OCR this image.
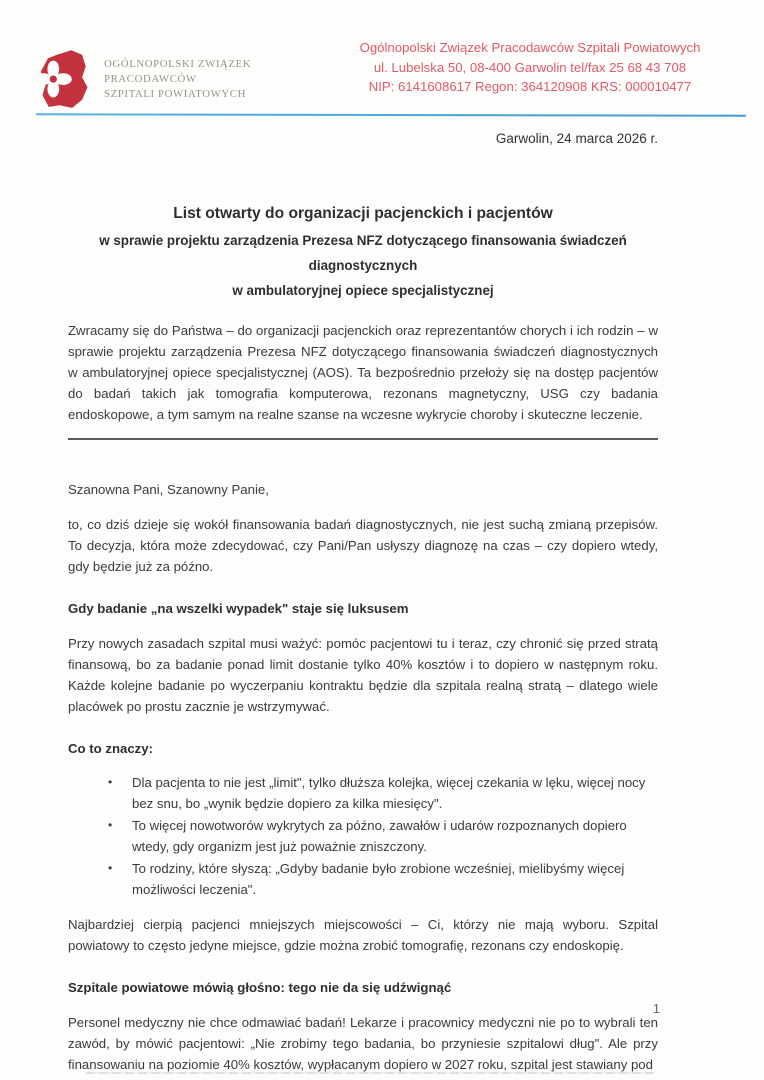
OGÓLNOPOLSKI ZWIĄZEK
PRACODAWCÓW
SZPITALI POWIATOWYCH
Ogólnopolski Związek Pracodawców Szpitali Powiatowych
ul. Lubelska 50, 08-400 Garwolin tel/fax 25 68 43 708
NIP: 6141608617 Regon: 364120908 KRS: 000010477
Garwolin, 24 marca 2026 r.

List otwarty do organizacji pacjenckich i pacjentów

w sprawie projektu zarządzenia Prezesa NFZ dotyczącego finansowania świadczeń diagnostycznych
w ambulatoryjnej opiece specjalistycznej

Zwracamy się do Państwa – do organizacji pacjenckich oraz reprezentantów chorych i ich rodzin – w sprawie projektu zarządzenia Prezesa NFZ dotyczącego finansowania świadczeń diagnostycznych w ambulatoryjnej opiece specjalistycznej (AOS). Ta bezpośrednio przełoży się na dostęp pacjentów do badań takich jak tomografia komputerowa, rezonans magnetyczny, USG czy badania endoskopowe, a tym samym na realne szanse na wczesne wykrycie choroby i skuteczne leczenie.

Szanowna Pani, Szanowny Panie,

to, co dziś dzieje się wokół finansowania badań diagnostycznych, nie jest suchą zmianą przepisów. To decyzja, która może zdecydować, czy Pani/Pan usłyszy diagnozę na czas – czy dopiero wtedy, gdy będzie już za późno.

Gdy badanie „na wszelki wypadek" staje się luksusem

Przy nowych zasadach szpital musi ważyć: pomóc pacjentowi tu i teraz, czy chronić się przed stratą finansową, bo za badanie ponad limit dostanie tylko 40% kosztów i to dopiero w następnym roku. Każde kolejne badanie po wyczerpaniu kontraktu będzie dla szpitala realną stratą – dlatego wiele placówek po prostu zacznie je wstrzymywać.

Co to znaczy:

• Dla pacjenta to nie jest „limit", tylko dłuższa kolejka, więcej czekania w lęku, więcej nocy bez snu, bo „wynik będzie dopiero za kilka miesięcy".
• To więcej nowotworów wykrytych za późno, zawałów i udarów rozpoznanych dopiero wtedy, gdy organizm jest już poważnie zniszczony.
• To rodziny, które słyszą: „Gdyby badanie było zrobione wcześniej, mielibyśmy więcej możliwości leczenia".

Najbardziej cierpią pacjenci mniejszych miejscowości – Ci, którzy nie mają wyboru. Szpital powiatowy to często jedyne miejsce, gdzie można zrobić tomografię, rezonans czy endoskopię.

Szpitale powiatowe mówią głośno: tego nie da się udźwignąć

Personel medyczny nie chce odmawiać badań! Lekarze i pracownicy medyczni nie po to wybrali ten zawód, by mówić pacjentowi: „Nie zrobimy tego badania, bo przyniesie szpitalowi dług". Ale przy finansowaniu na poziomie 40% kosztów, wypłacanym dopiero w 2027 roku, szpital jest stawiany pod

1
